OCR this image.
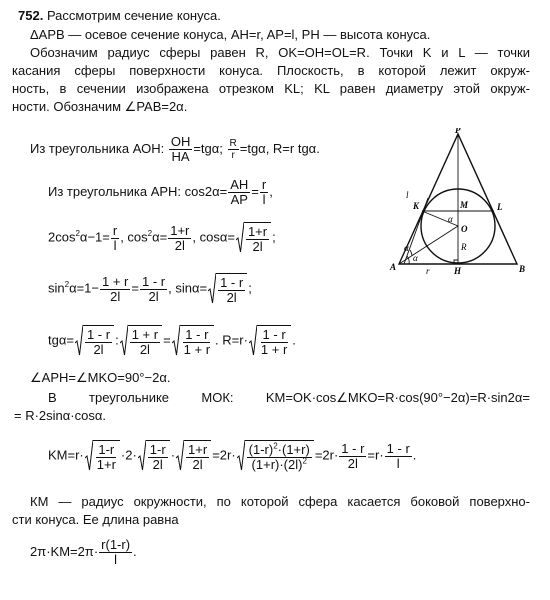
752. Рассмотрим сечение конуса.
ΔАРВ — осевое сечение конуса, AH=r, AP=l, PH — высота конуса.
Обозначим радиус сферы равен R, OK=OH=OL=R. Точки K и L — точки
касания сферы поверхности конуса. Плоскость, в которой лежит окруж-
ность, в сечении изображена отрезком KL; KL равен диаметру этой окруж-
ности. Обозначим ∠PAB=2α.
Из треугольника АОН: $\frac{OH}{HA} =tg\alpha$; $\frac{R}{r} =tg\alpha$, R=r tgα.
Из треугольника АРН: $\cos 2\alpha= \frac{AH}{AP} = \frac{r}{l}$ ,
$2\cos^2\alpha-1= \frac{r}{l}$ , $\cos^2\alpha= \frac{1+r}{2l}$ , $\cos\alpha= \frac{1+r}{2l}$ ;
$\sin^2\alpha=1- \frac{1 + r}{2l} = \frac{1 - r}{2l}$ , $\sin\alpha= \frac{1 - r}{2l}$ ;
$tg\alpha= \frac{1 - r}{2l}$ : $\frac{1 + r}{2l} = \frac{1 - r}{1 + r}$ . $R=r\cdot \frac{1 - r}{1 + r}$ .
∠APH=∠MKO=90°−2α.
В треугольнике МОК: KM=OK·cos∠MKO=R·cos(90°−2α)=R·sin2α=
= R·2sinα·cosα.
$KM=r\cdot \frac{1-r}{1+r} \cdot 2\cdot \frac{1-r}{2l} \cdot \frac{1+r}{2l} =2r\cdot \frac{(1-r)^2\cdot(1+r)}{(1+r)\cdot(2l)^2} =2r\cdot \frac{1 - r}{2l} =r\cdot \frac{1 - r}{l}$ .
КМ — радиус окружности, по которой сфера касается боковой поверхно-
сти конуса. Ее длина равна
$2\pi\cdot KM=2\pi\cdot \frac{r(1-r)}{l}$ .
P
K	M	L
O
A	B
H
l
r
R
α
α
α
